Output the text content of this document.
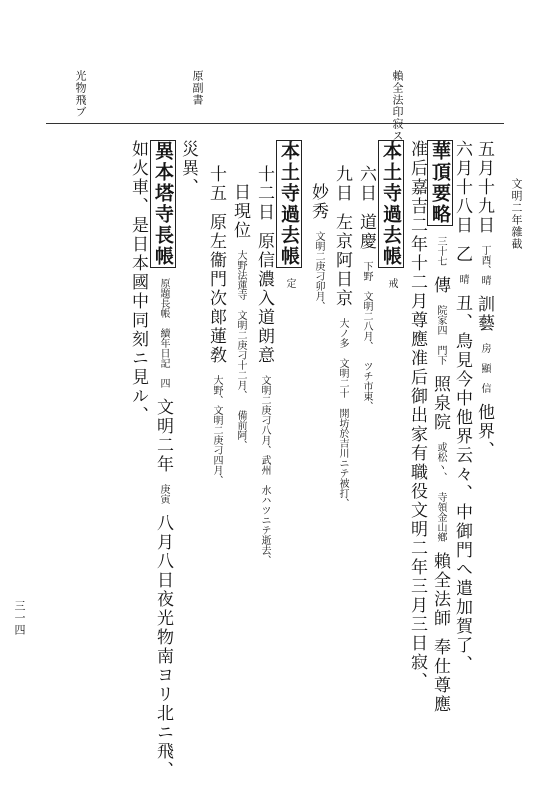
文明二年雜截
三一四
賴全法印寂ス
原副書
光物飛ブ
五月十九日丁酉、晴訓藝房顯信他界、
六月十八日乙晴丑、鳥見今中他界云々、中御門へ遣加賀了、
華頂要略三十七傳院家四門下照泉院或松ヽ、寺領金山鄕賴全法師奉仕尊應
准后嘉吉二年十二月尊應准后御出家有職役文明二年三月三日寂、
本土寺過去帳戒
六日道慶下野文明二八月、ツチ市東、
九日左京阿日京大ノ多文明二十開坊於吉川ニテ被打、
妙秀文明二庚刁卯月、
本土寺過去帳定
十二日原信濃入道朗意文明二庚刁八月、武州水ハツニテ逝去、
日現位大野法蓮寺文明二庚刁十二月、備前阿、
十五原左衞門次郞蓮敎大野、文明二庚刁四月、
災異、
異本塔寺長帳原題長帳續年日記四文明二年庚寅八月八日夜光物南ヨリ北ニ飛、
如火車、是日本國中同刻ニ見ル、
